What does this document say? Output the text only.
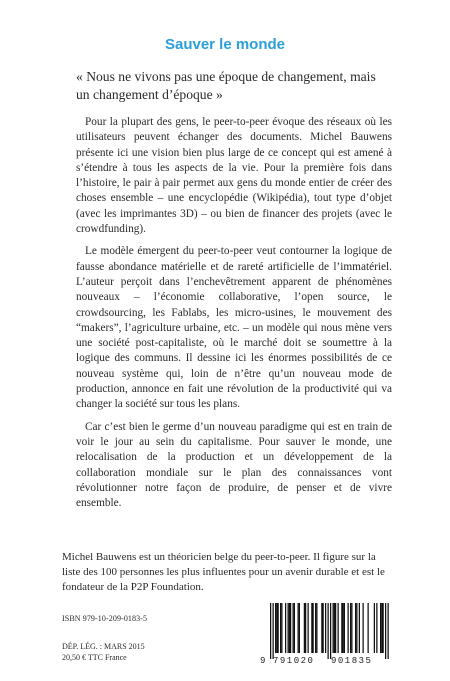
Sauver le monde
« Nous ne vivons pas une époque de changement, mais un changement d’époque »

Pour la plupart des gens, le peer-to-peer évoque des réseaux où les utilisateurs peuvent échanger des documents. Michel Bauwens présente ici une vision bien plus large de ce concept qui est amené à s’étendre à tous les aspects de la vie. Pour la première fois dans l’histoire, le pair à pair permet aux gens du monde entier de créer des choses ensemble – une encyclopédie (Wikipédia), tout type d’objet (avec les imprimantes 3D) – ou bien de financer des projets (avec le crowdfunding).

Le modèle émergent du peer-to-peer veut contourner la logique de fausse abondance matérielle et de rareté artificielle de l’immatériel. L’auteur perçoit dans l’enchevêtrement apparent de phénomènes nouveaux – l’économie collaborative, l’open source, le crowdsourcing, les Fablabs, les micro-usines, le mouvement des “makers”, l’agriculture urbaine, etc. – un modèle qui nous mène vers une société post-capitaliste, où le marché doit se soumettre à la logique des communs. Il dessine ici les énormes possibilités de ce nouveau système qui, loin de n’être qu’un nouveau mode de production, annonce en fait une révolution de la productivité qui va changer la société sur tous les plans.

Car c’est bien le germe d’un nouveau paradigme qui est en train de voir le jour au sein du capitalisme. Pour sauver le monde, une relocalisation de la production et un développement de la collaboration mondiale sur le plan des connaissances vont révolutionner notre façon de produire, de penser et de vivre ensemble.

Michel Bauwens est un théoricien belge du peer-to-peer. Il figure sur la liste des 100 personnes les plus influentes pour un avenir durable et est le fondateur de la P2P Foundation.
ISBN 979-10-209-0183-5
DÉP. LÉG. : MARS 2015
20,50 € TTC France	9 791020 901835
